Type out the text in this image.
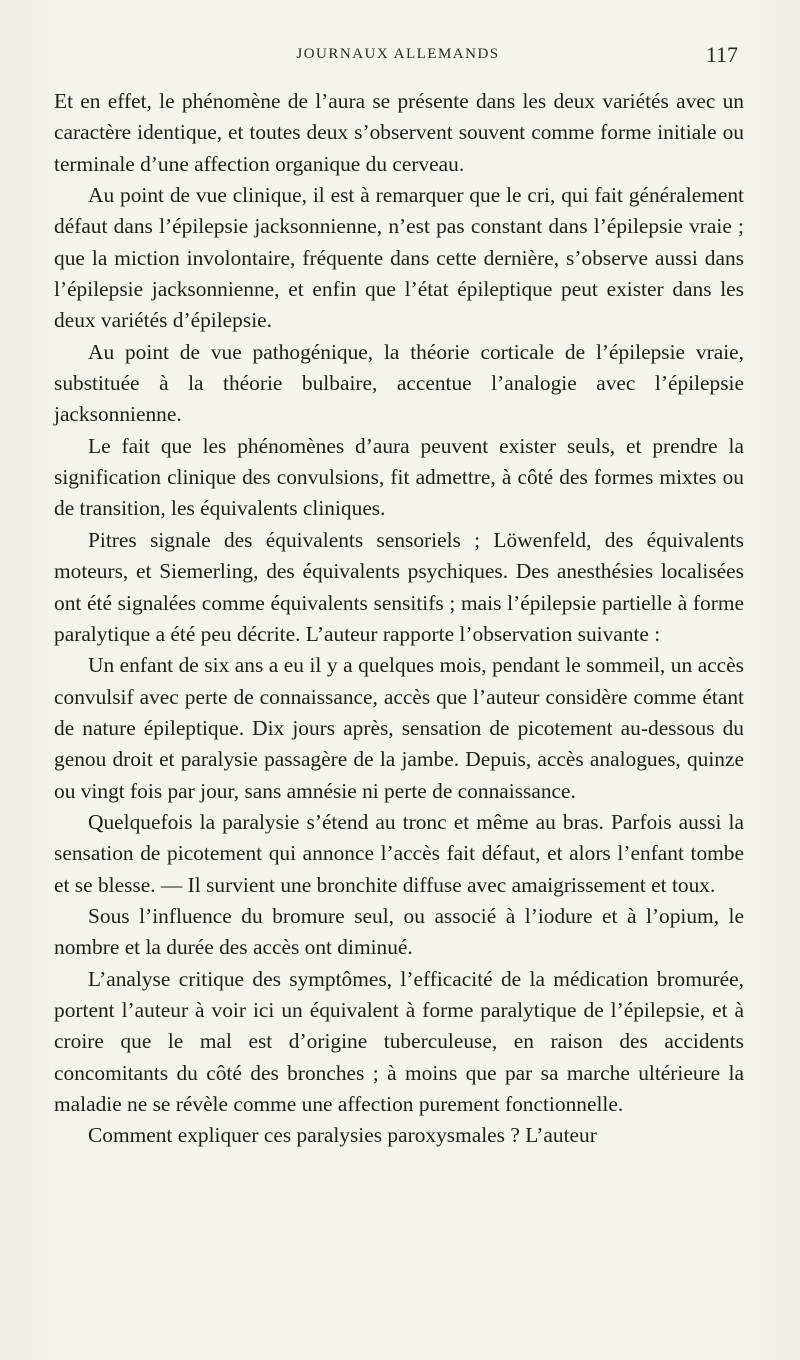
JOURNAUX ALLEMANDS	117

Et en effet, le phénomène de l’aura se présente dans les deux variétés avec un caractère identique, et toutes deux s’observent souvent comme forme initiale ou terminale d’une affection organique du cerveau.

Au point de vue clinique, il est à remarquer que le cri, qui fait généralement défaut dans l’épilepsie jacksonnienne, n’est pas constant dans l’épilepsie vraie ; que la miction involontaire, fréquente dans cette dernière, s’observe aussi dans l’épilepsie jacksonnienne, et enfin que l’état épileptique peut exister dans les deux variétés d’épilepsie.

Au point de vue pathogénique, la théorie corticale de l’épilepsie vraie, substituée à la théorie bulbaire, accentue l’analogie avec l’épilepsie jacksonnienne.

Le fait que les phénomènes d’aura peuvent exister seuls, et prendre la signification clinique des convulsions, fit admettre, à côté des formes mixtes ou de transition, les équivalents cliniques.

Pitres signale des équivalents sensoriels ; Löwenfeld, des équivalents moteurs, et Siemerling, des équivalents psychiques. Des anesthésies localisées ont été signalées comme équivalents sensitifs ; mais l’épilepsie partielle à forme paralytique a été peu décrite. L’auteur rapporte l’observation suivante :

Un enfant de six ans a eu il y a quelques mois, pendant le sommeil, un accès convulsif avec perte de connaissance, accès que l’auteur considère comme étant de nature épileptique. Dix jours après, sensation de picotement au-dessous du genou droit et paralysie passagère de la jambe. Depuis, accès analogues, quinze ou vingt fois par jour, sans amnésie ni perte de connaissance.

Quelquefois la paralysie s’étend au tronc et même au bras. Parfois aussi la sensation de picotement qui annonce l’accès fait défaut, et alors l’enfant tombe et se blesse. — Il survient une bronchite diffuse avec amaigrissement et toux.

Sous l’influence du bromure seul, ou associé à l’iodure et à l’opium, le nombre et la durée des accès ont diminué.

L’analyse critique des symptômes, l’efficacité de la médication bromurée, portent l’auteur à voir ici un équivalent à forme paralytique de l’épilepsie, et à croire que le mal est d’origine tuberculeuse, en raison des accidents concomitants du côté des bronches ; à moins que par sa marche ultérieure la maladie ne se révèle comme une affection purement fonctionnelle.

Comment expliquer ces paralysies paroxysmales ? L’auteur
